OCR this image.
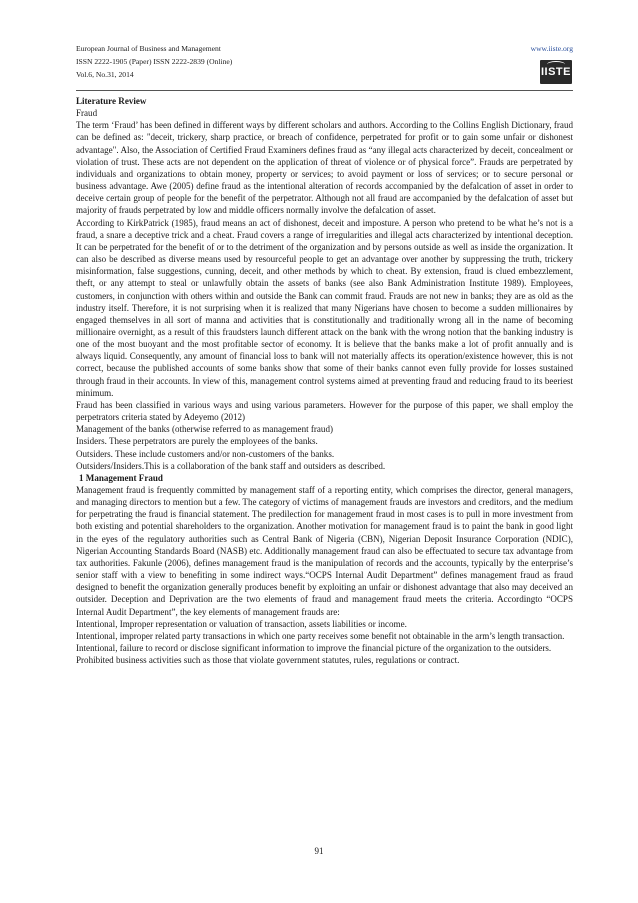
European Journal of Business and Management
ISSN 2222-1905 (Paper) ISSN 2222-2839 (Online)
Vol.6, No.31, 2014
www.iiste.org
IISTE

Literature Review

Fraud

The term ‘Fraud’ has been defined in different ways by different scholars and authors. According to the Collins English Dictionary, fraud can be defined as: "deceit, trickery, sharp practice, or breach of confidence, perpetrated for profit or to gain some unfair or dishonest advantage". Also, the Association of Certified Fraud Examiners defines fraud as “any illegal acts characterized by deceit, concealment or violation of trust. These acts are not dependent on the application of threat of violence or of physical force”. Frauds are perpetrated by individuals and organizations to obtain money, property or services; to avoid payment or loss of services; or to secure personal or business advantage. Awe (2005) define fraud as the intentional alteration of records accompanied by the defalcation of asset in order to deceive certain group of people for the benefit of the perpetrator. Although not all fraud are accompanied by the defalcation of asset but majority of frauds perpetrated by low and middle officers normally involve the defalcation of asset.

According to KirkPatrick (1985), fraud means an act of dishonest, deceit and imposture. A person who pretend to be what he’s not is a fraud, a snare a deceptive trick and a cheat. Fraud covers a range of irregularities and illegal acts characterized by intentional deception. It can be perpetrated for the benefit of or to the detriment of the organization and by persons outside as well as inside the organization. It can also be described as diverse means used by resourceful people to get an advantage over another by suppressing the truth, trickery misinformation, false suggestions, cunning, deceit, and other methods by which to cheat. By extension, fraud is clued embezzlement, theft, or any attempt to steal or unlawfully obtain the assets of banks (see also Bank Administration Institute 1989). Employees, customers, in conjunction with others within and outside the Bank can commit fraud. Frauds are not new in banks; they are as old as the industry itself. Therefore, it is not surprising when it is realized that many Nigerians have chosen to become a sudden millionaires by engaged themselves in all sort of manna and activities that is constitutionally and traditionally wrong all in the name of becoming millionaire overnight, as a result of this fraudsters launch different attack on the bank with the wrong notion that the banking industry is one of the most buoyant and the most profitable sector of economy. It is believe that the banks make a lot of profit annually and is always liquid. Consequently, any amount of financial loss to bank will not materially affects its operation/existence however, this is not correct, because the published accounts of some banks show that some of their banks cannot even fully provide for losses sustained through fraud in their accounts. In view of this, management control systems aimed at preventing fraud and reducing fraud to its beeriest minimum.

Fraud has been classified in various ways and using various parameters. However for the purpose of this paper, we shall employ the perpetrators criteria stated by Adeyemo (2012)

Management of the banks (otherwise referred to as management fraud)

Insiders. These perpetrators are purely the employees of the banks.

Outsiders. These include customers and/or non-customers of the banks.

Outsiders/Insiders.This is a collaboration of the bank staff and outsiders as described.

1 Management Fraud

Management fraud is frequently committed by management staff of a reporting entity, which comprises the director, general managers, and managing directors to mention but a few. The category of victims of management frauds are investors and creditors, and the medium for perpetrating the fraud is financial statement. The predilection for management fraud in most cases is to pull in more investment from both existing and potential shareholders to the organization. Another motivation for management fraud is to paint the bank in good light in the eyes of the regulatory authorities such as Central Bank of Nigeria (CBN), Nigerian Deposit Insurance Corporation (NDIC), Nigerian Accounting Standards Board (NASB) etc. Additionally management fraud can also be effectuated to secure tax advantage from tax authorities. Fakunle (2006), defines management fraud is the manipulation of records and the accounts, typically by the enterprise’s senior staff with a view to benefiting in some indirect ways.“OCPS Internal Audit Department” defines management fraud as fraud designed to benefit the organization generally produces benefit by exploiting an unfair or dishonest advantage that also may deceived an outsider. Deception and Deprivation are the two elements of fraud and management fraud meets the criteria. Accordingto “OCPS Internal Audit Department”, the key elements of management frauds are:

Intentional, Improper representation or valuation of transaction, assets liabilities or income.

Intentional, improper related party transactions in which one party receives some benefit not obtainable in the arm’s length transaction.

Intentional, failure to record or disclose significant information to improve the financial picture of the organization to the outsiders.

Prohibited business activities such as those that violate government statutes, rules, regulations or contract.

91
